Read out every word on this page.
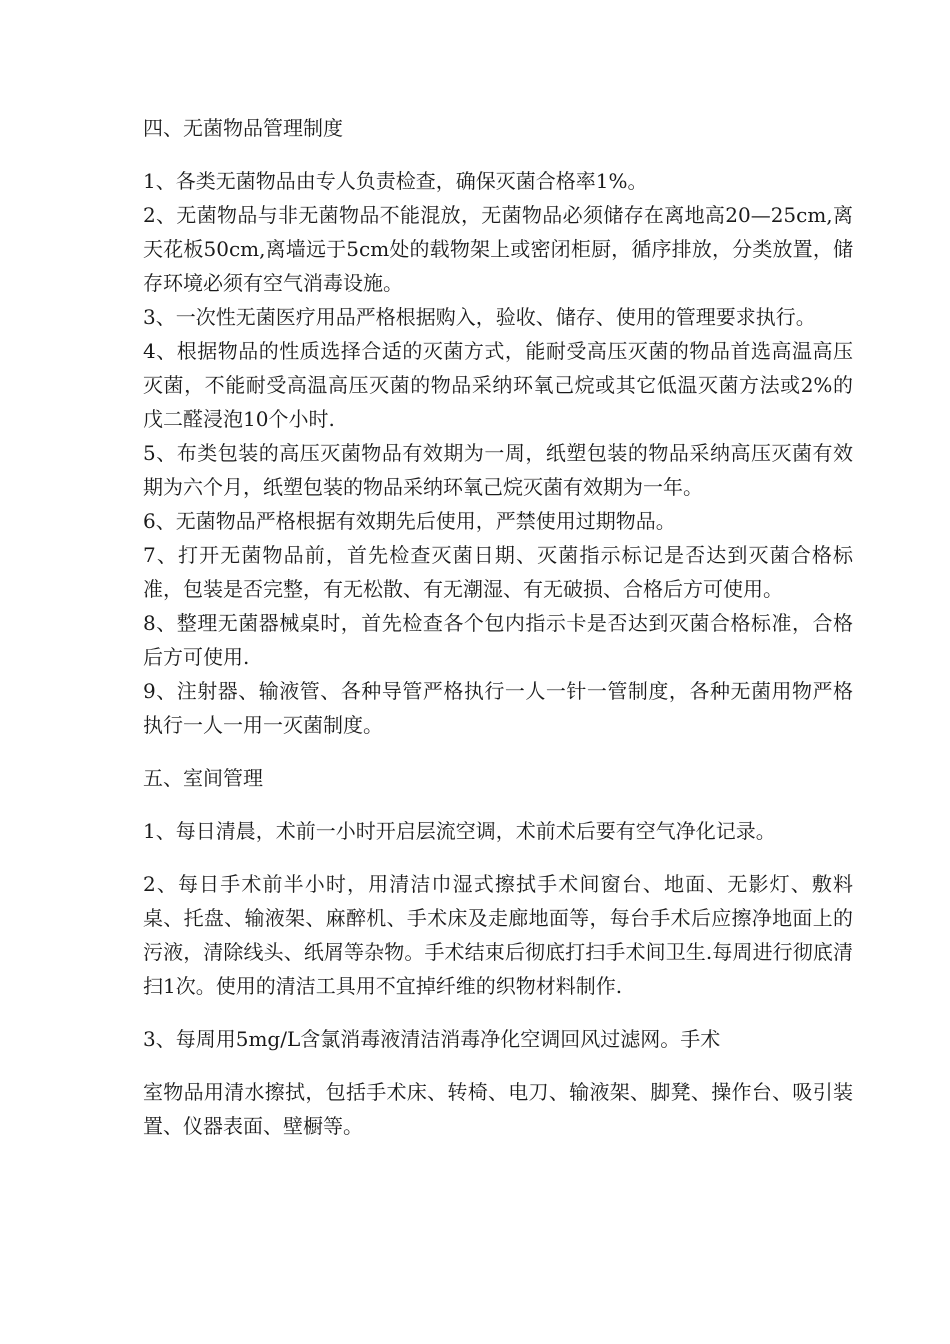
四、无菌物品管理制度

1、各类无菌物品由专人负责检查，确保灭菌合格率1%。

2、无菌物品与非无菌物品不能混放，无菌物品必须储存在离地高20—25cm,离天花板50cm,离墙远于5cm处的载物架上或密闭柜厨，循序排放，分类放置，储存环境必须有空气消毒设施。

3、一次性无菌医疗用品严格根据购入，验收、储存、使用的管理要求执行。

4、根据物品的性质选择合适的灭菌方式，能耐受高压灭菌的物品首选高温高压灭菌，不能耐受高温高压灭菌的物品采纳环氧己烷或其它低温灭菌方法或2%的戊二醛浸泡10个小时.

5、布类包装的高压灭菌物品有效期为一周，纸塑包装的物品采纳高压灭菌有效期为六个月，纸塑包装的物品采纳环氧己烷灭菌有效期为一年。

6、无菌物品严格根据有效期先后使用，严禁使用过期物品。

7、打开无菌物品前，首先检查灭菌日期、灭菌指示标记是否达到灭菌合格标准，包装是否完整，有无松散、有无潮湿、有无破损、合格后方可使用。

8、整理无菌器械桌时，首先检查各个包内指示卡是否达到灭菌合格标准，合格后方可使用.

9、注射器、输液管、各种导管严格执行一人一针一管制度，各种无菌用物严格执行一人一用一灭菌制度。

五、室间管理

1、每日清晨，术前一小时开启层流空调，术前术后要有空气净化记录。

2、每日手术前半小时，用清洁巾湿式擦拭手术间窗台、地面、无影灯、敷料桌、托盘、输液架、麻醉机、手术床及走廊地面等，每台手术后应擦净地面上的污液，清除线头、纸屑等杂物。手术结束后彻底打扫手术间卫生.每周进行彻底清扫1次。使用的清洁工具用不宜掉纤维的织物材料制作.

3、每周用5mg/L含氯消毒液清洁消毒净化空调回风过滤网。手术

室物品用清水擦拭，包括手术床、转椅、电刀、输液架、脚凳、操作台、吸引装置、仪器表面、壁橱等。
